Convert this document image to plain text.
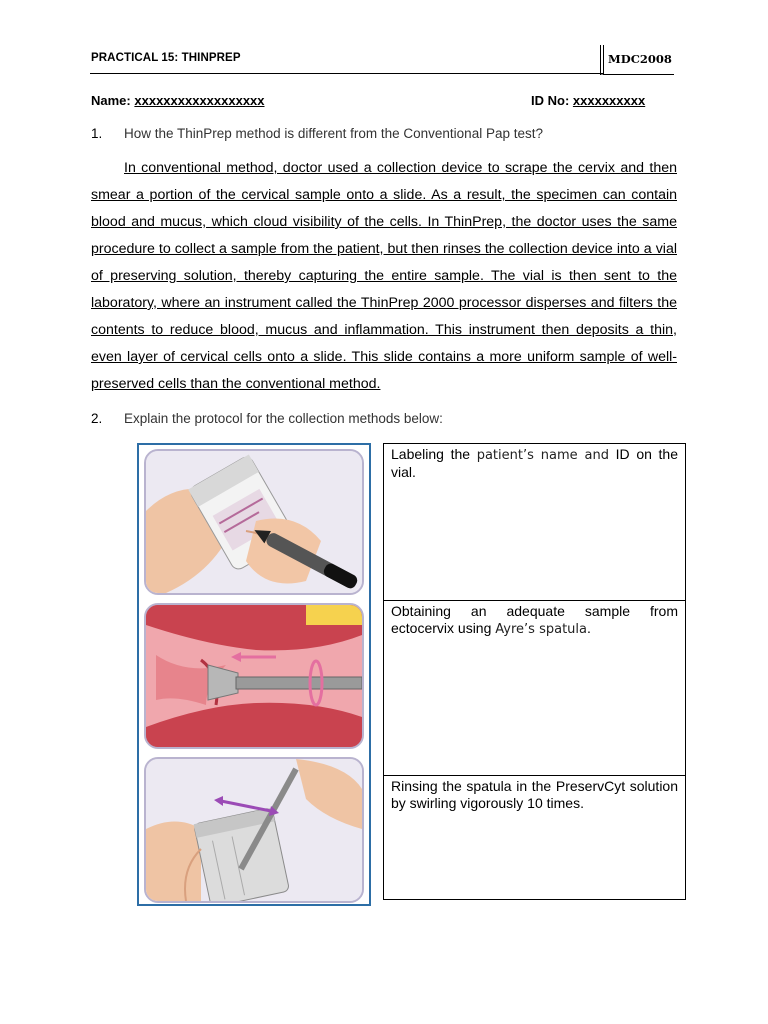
PRACTICAL 15: THINPREP	MDC2008
Name: xxxxxxxxxxxxxxxxxx	ID No: xxxxxxxxxx
1. How the ThinPrep method is different from the Conventional Pap test?
In conventional method, doctor used a collection device to scrape the cervix and then smear a portion of the cervical sample onto a slide. As a result, the specimen can contain blood and mucus, which cloud visibility of the cells. In ThinPrep, the doctor uses the same procedure to collect a sample from the patient, but then rinses the collection device into a vial of preserving solution, thereby capturing the entire sample. The vial is then sent to the laboratory, where an instrument called the ThinPrep 2000 processor disperses and filters the contents to reduce blood, mucus and inflammation. This instrument then deposits a thin, even layer of cervical cells onto a slide. This slide contains a more uniform sample of well-preserved cells than the conventional method.
2. Explain the protocol for the collection methods below:
Labeling the patient’s name and ID on the vial.
Obtaining an adequate sample from ectocervix using Ayre’s spatula.
Rinsing the spatula in the PreservCyt solution by swirling vigorously 10 times.
